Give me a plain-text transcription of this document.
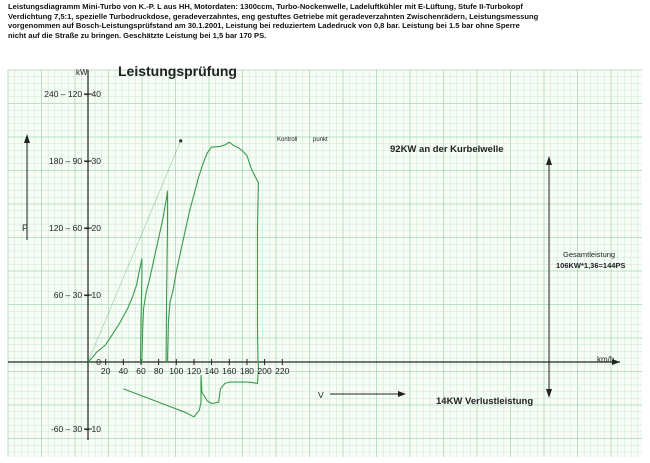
Leistungsdiagramm Mini-Turbo von K.-P. L aus HH, Motordaten: 1300ccm, Turbo-Nockenwelle, Ladeluftkühler mit E-Lüftung, Stufe II-Turbokopf
Verdichtung 7,5:1, spezielle Turbodruckdose, geradeverzahntes, eng gestuftes Getriebe mit geradeverzahnten Zwischenrädern, Leistungsmessung
vorgenommen auf Bosch-Leistungsprüfstand am 30.1.2001, Leistung bei reduziertem Ladedruck von 0,8 bar. Leistung bei 1.5 bar ohne Sperre
nicht auf die Straße zu bringen. Geschätzte Leistung bei 1,5 bar 170 PS.
Leistungsprüfung
kW
P
km/h
240 – 120 – 40
180 – 90 – 30
120 – 60 – 20
60 – 30 – 10
0
-60 – 30 – 10
20 40 60 80 100 120 140 160 180 200 220
92KW an der Kurbelwelle
Gesamtleistung
106KW*1,36=144PS
14KW Verlustleistung
V
Kontroll	punkt
